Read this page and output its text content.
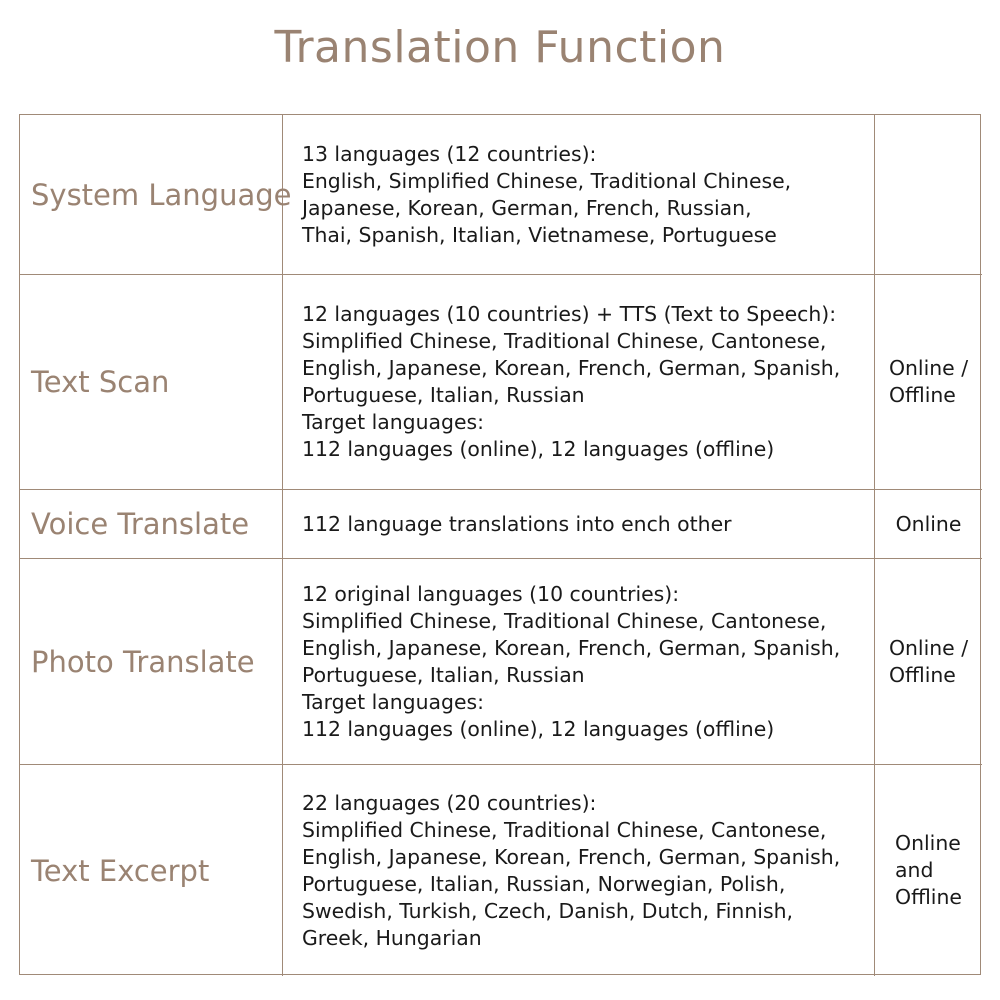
Translation Function
System Language
13 languages (12 countries):
English, Simplified Chinese, Traditional Chinese,
Japanese, Korean, German, French, Russian,
Thai, Spanish, Italian, Vietnamese, Portuguese
Text Scan
12 languages (10 countries) + TTS (Text to Speech):
Simplified Chinese, Traditional Chinese, Cantonese,
English, Japanese, Korean, French, German, Spanish,
Portuguese, Italian, Russian
Target languages:
112 languages (online), 12 languages (offline)
Online /
Offline
Voice Translate	112 language translations into ench other	Online
Photo Translate
12 original languages (10 countries):
Simplified Chinese, Traditional Chinese, Cantonese,
English, Japanese, Korean, French, German, Spanish,
Portuguese, Italian, Russian
Target languages:
112 languages (online), 12 languages (offline)
Online /
Offline
Text Excerpt
22 languages (20 countries):
Simplified Chinese, Traditional Chinese, Cantonese,
English, Japanese, Korean, French, German, Spanish,
Portuguese, Italian, Russian, Norwegian, Polish,
Swedish, Turkish, Czech, Danish, Dutch, Finnish,
Greek, Hungarian
Online
and
Offline
